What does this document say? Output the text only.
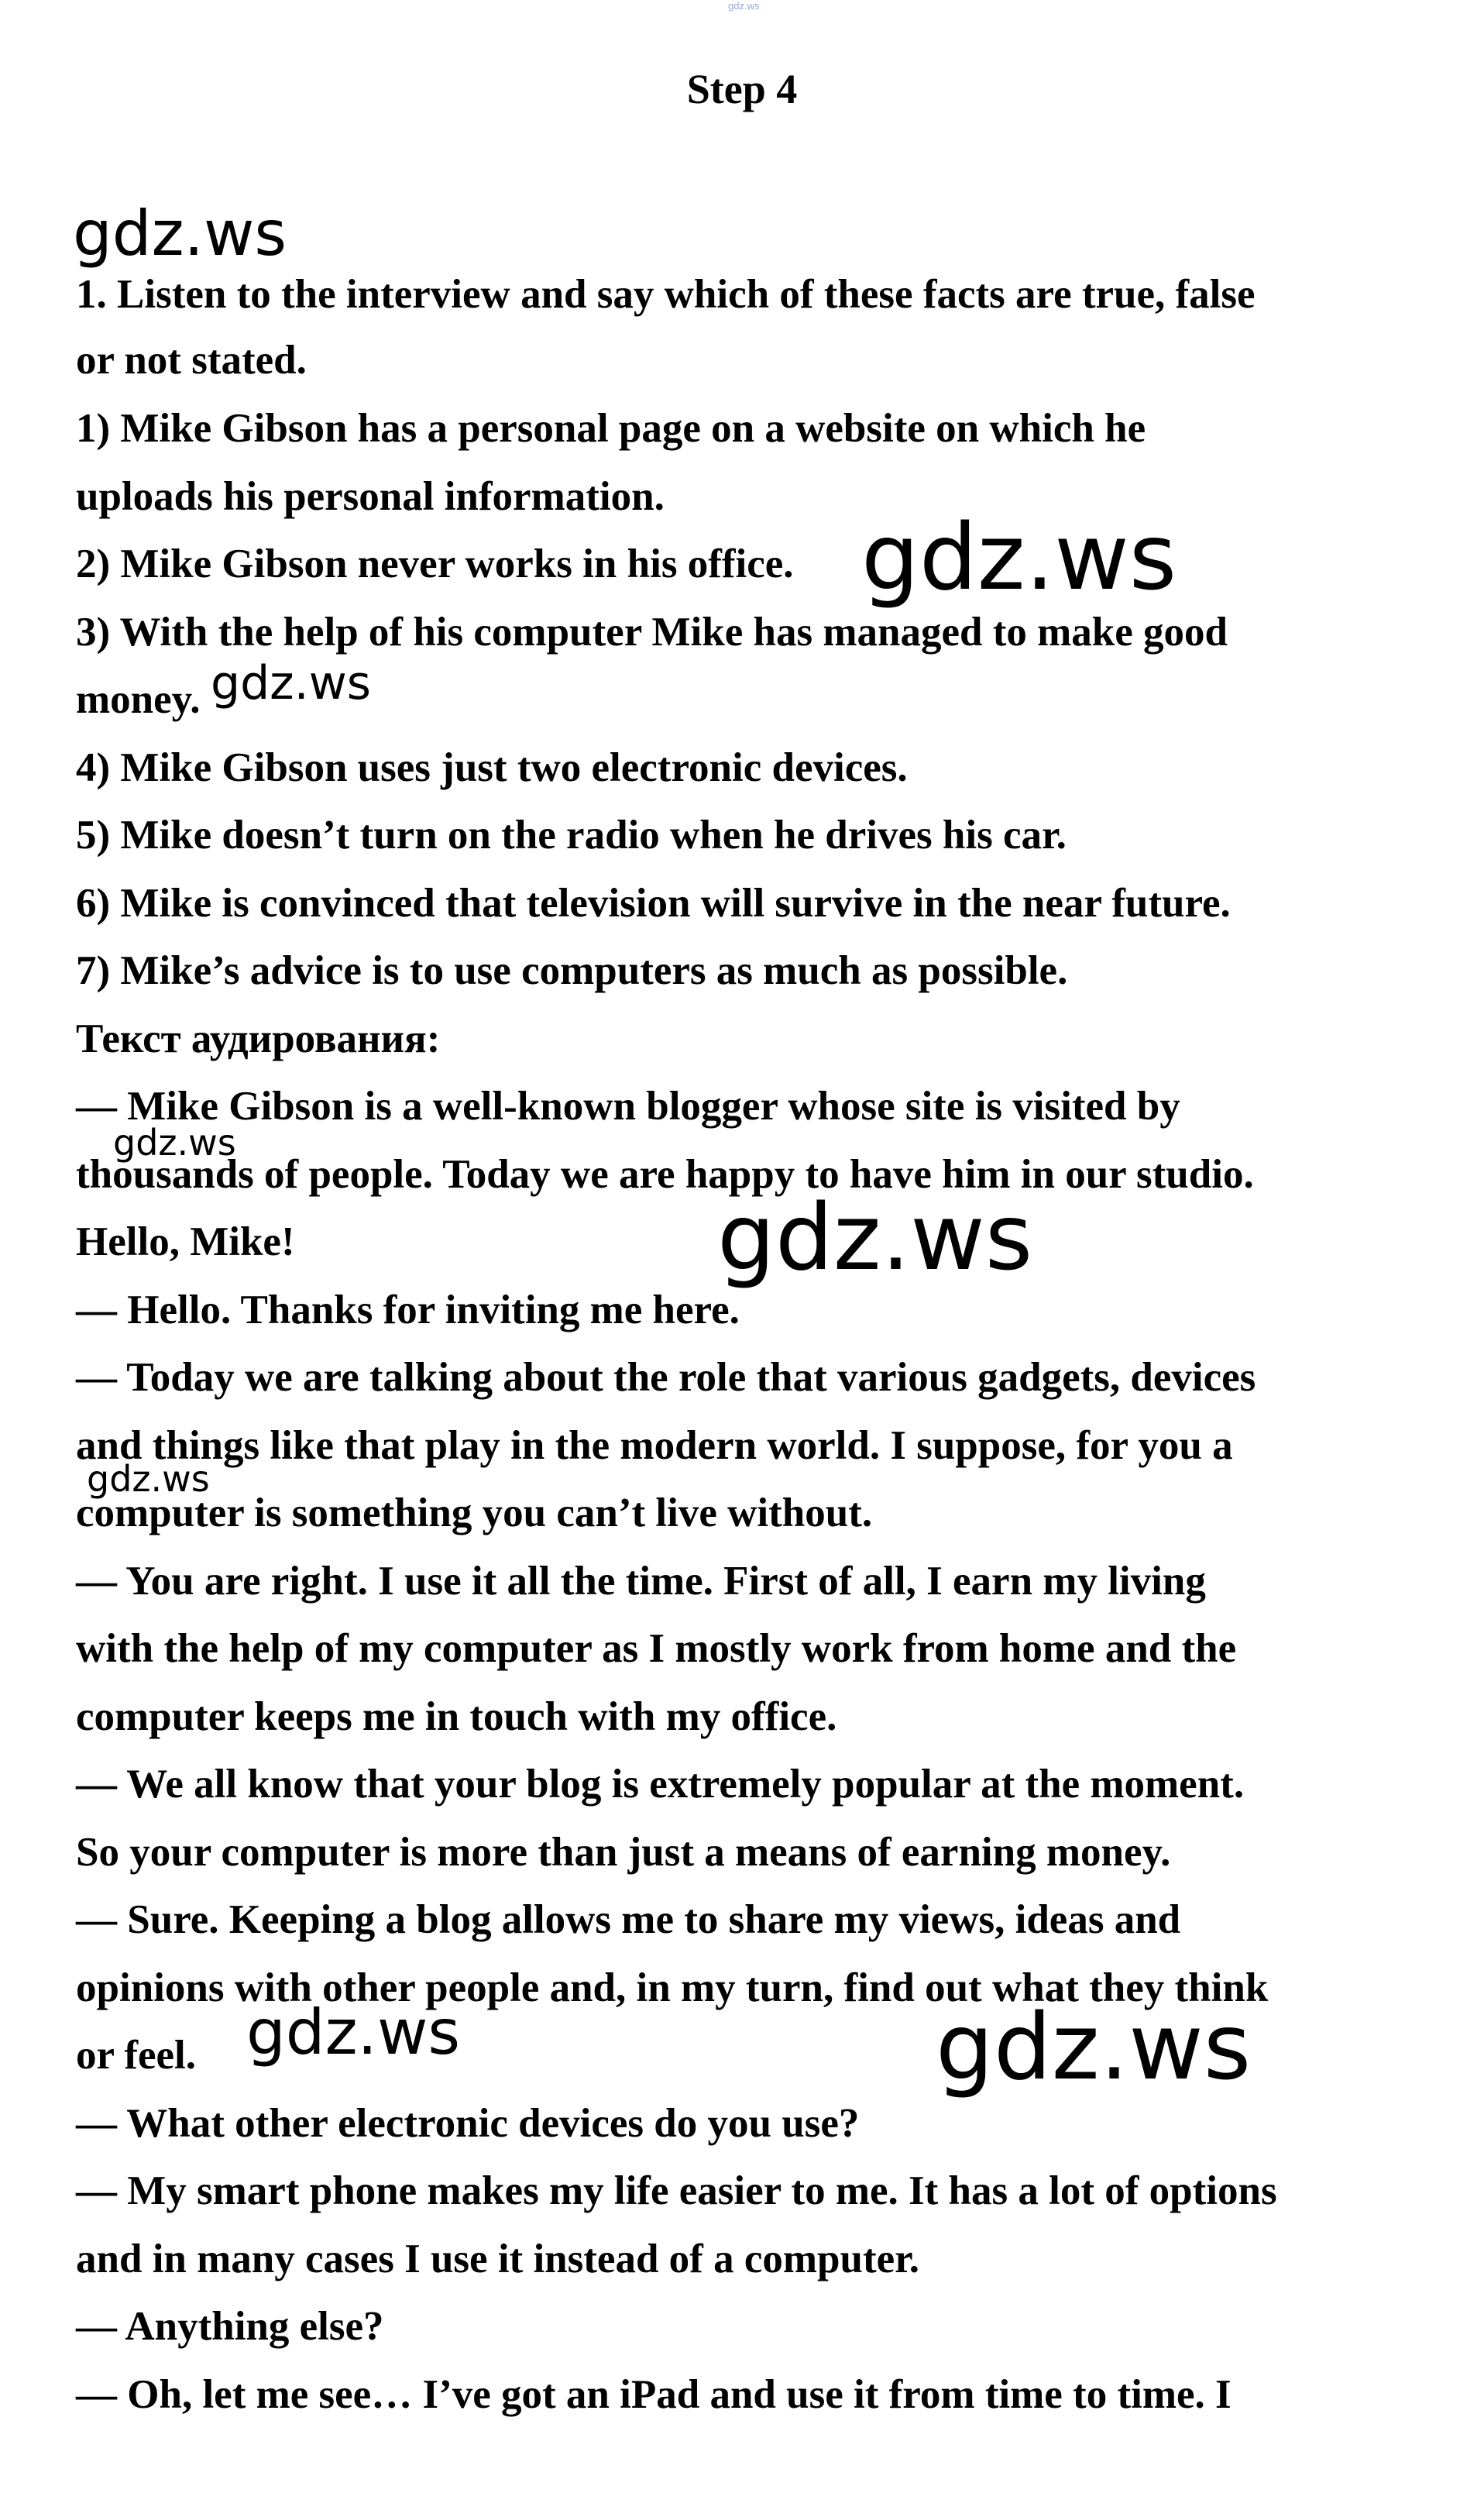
gdz.ws
Step 4
1. Listen to the interview and say which of these facts are true, false
or not stated.
1) Mike Gibson has a personal page on a website on which he
uploads his personal information.
2) Mike Gibson never works in his office.
3) With the help of his computer Mike has managed to make good
money.
4) Mike Gibson uses just two electronic devices.
5) Mike doesn’t turn on the radio when he drives his car.
6) Mike is convinced that television will survive in the near future.
7) Mike’s advice is to use computers as much as possible.
Текст аудирования:
— Mike Gibson is a well-known blogger whose site is visited by
thousands of people. Today we are happy to have him in our studio.
Hello, Mike!
— Hello. Thanks for inviting me here.
— Today we are talking about the role that various gadgets, devices
and things like that play in the modern world. I suppose, for you a
computer is something you can’t live without.
— You are right. I use it all the time. First of all, I earn my living
with the help of my computer as I mostly work from home and the
computer keeps me in touch with my office.
— We all know that your blog is extremely popular at the moment.
So your computer is more than just a means of earning money.
— Sure. Keeping a blog allows me to share my views, ideas and
opinions with other people and, in my turn, find out what they think
or feel.
— What other electronic devices do you use?
— My smart phone makes my life easier to me. It has a lot of options
and in many cases I use it instead of a computer.
— Anything else?
— Oh, let me see… I’ve got an iPad and use it from time to time. I
gdz.ws
gdz.ws
gdz.ws
gdz.ws
gdz.ws
gdz.ws
gdz.ws	gdz.ws
